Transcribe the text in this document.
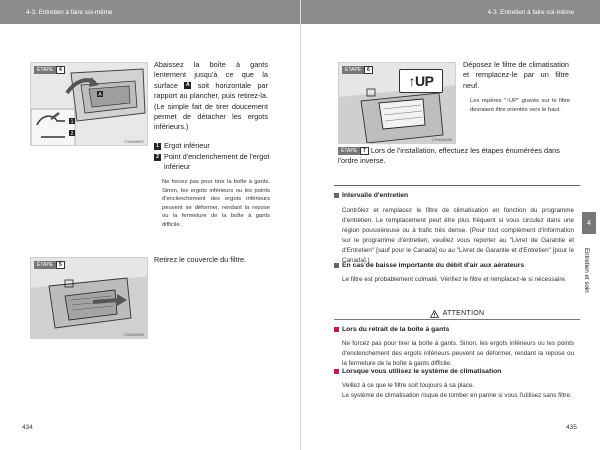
4-3. Entretien à faire soi-même	4-3. Entretien à faire soi-même
1
2
A
ÉTAPE	4
CTH43AM097
Abaissez la boîte à gants lentement jusqu'à ce que la surface A soit horizontale par rapport au plancher, puis retirez-la. (Le simple fait de tirer doucement permet de détacher les ergots inférieurs.)
1 Ergot inférieur
2 Point d'enclenchement de l'ergot inférieur
Ne forcez pas pour tirer la boîte à gants. Sinon, les ergots inférieurs ou les points d'enclenchement des ergots inférieurs peuvent se déformer, rendant la repose ou la fermeture de la boîte à gants difficile.
ÉTAPE	5
CTH43AM098
Retirez le couvercle du filtre.
434
↑UP
ÉTAPE	6
CTH43AM099
Déposez le filtre de climatisation et remplacez-le par un filtre neuf.
Les repères "↑UP" gravés sur le filtre devraient être orientés vers le haut.
ÉTAPE	7 Lors de l'installation, effectuez les étapes énumérées dans l'ordre inverse.
Intervalle d'entretien
Contrôlez et remplacez le filtre de climatisation en fonction du programme d'entretien. Le remplacement peut être plus fréquent si vous circulez dans une région poussiéreuse ou à trafic très dense. (Pour tout complément d'information sur le programme d'entretien, veuillez vous reporter au "Livret de Garantie et d'Entretien" [sauf pour le Canada] ou au "Livret de Garantie et d'Entretien" [pour le Canada].)
En cas de baisse importante du débit d'air aux aérateurs
Le filtre est probablement colmaté. Vérifiez le filtre et remplacez-le si nécessaire.
ATTENTION
Lors du retrait de la boîte à gants
Ne forcez pas pour tirer la boîte à gants. Sinon, les ergots inférieurs ou les points d'enclenchement des ergots inférieurs peuvent se déformer, rendant la repose ou la fermeture de la boîte à gants difficile.
Lorsque vous utilisez le système de climatisation
Veillez à ce que le filtre soit toujours à sa place.
Le système de climatisation risque de tomber en panne si vous l'utilisez sans filtre.
4
Entretien et soin
435
